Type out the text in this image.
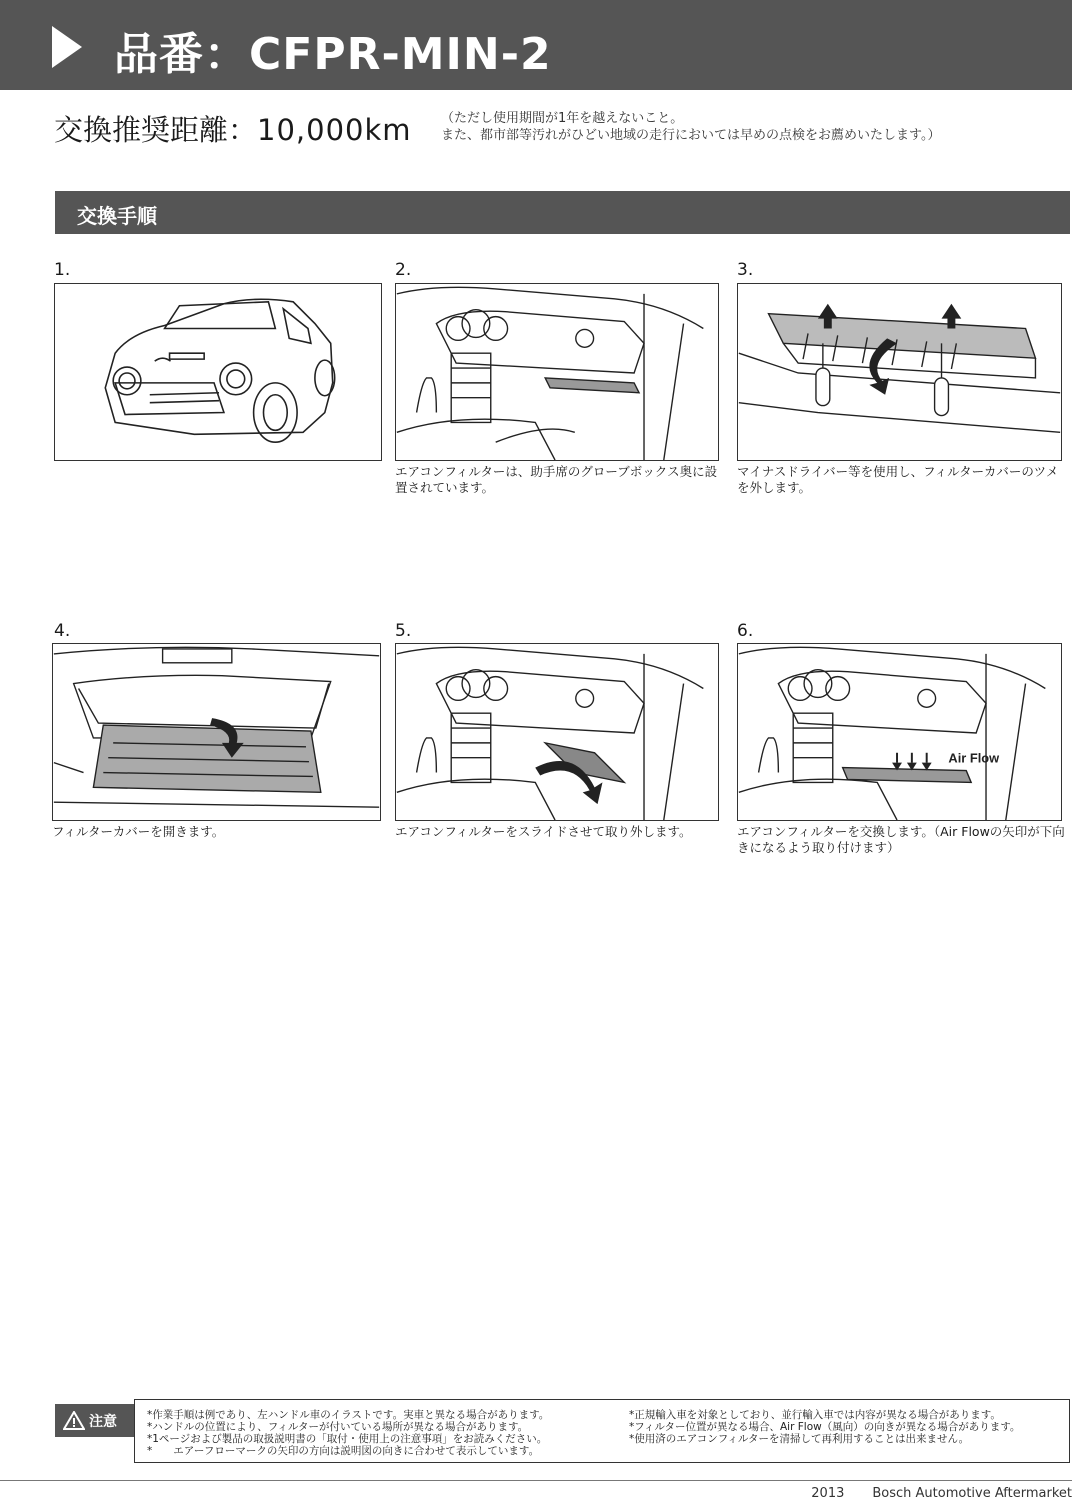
品番：CFPR-MIN-2
交換推奨距離：10,000km （ただし使用期間が1年を越えないこと。
また、都市部等汚れがひどい地域の走行においては早めの点検をお薦めいたします。）
交換手順
1.	2.
エアコンフィルターは、助手席のグローブボックス奥に設置されています。
3.
マイナスドライバー等を使用し、フィルターカバーのツメを外します。
4.
フィルターカバーを開きます。
5.
エアコンフィルターをスライドさせて取り外します。
6.
Air Flow
エアコンフィルターを交換します。（Air Flowの矢印が下向きになるよう取り付けます）
注意	*作業手順は例であり、左ハンドル車のイラストです。実車と異なる場合があります。
*ハンドルの位置により、フィルターが付いている場所が異なる場合があります。
*1ページおよび製品の取扱説明書の「取付・使用上の注意事項」をお読みください。
*　　エアーフローマークの矢印の方向は説明図の向きに合わせて表示しています。
*正規輸入車を対象としており、並行輸入車では内容が異なる場合があります。
*フィルター位置が異なる場合、Air Flow（風向）の向きが異なる場合があります。
*使用済のエアコンフィルターを清掃して再利用することは出来ません。
2013 Bosch Automotive Aftermarket
